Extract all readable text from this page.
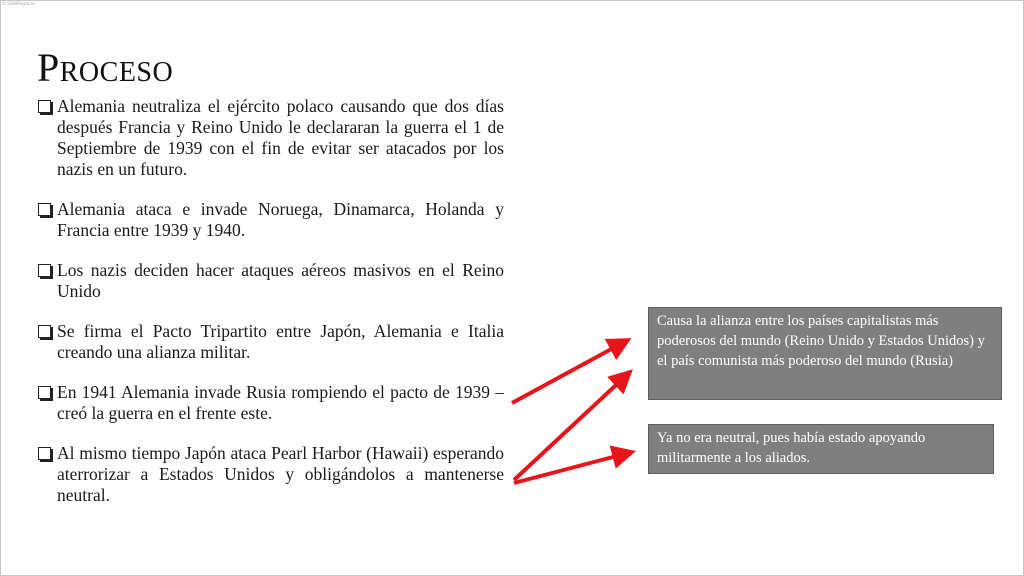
© SlidePlayer.es
Proceso
Alemania neutraliza el ejército polaco causando que dos días después Francia y Reino Unido le declararan la guerra el 1 de Septiembre de 1939 con el fin de evitar ser atacados por los nazis en un futuro.
Alemania ataca e invade Noruega, Dinamarca, Holanda y Francia entre 1939 y 1940.
Los nazis deciden hacer ataques aéreos masivos en el Reino Unido
Se firma el Pacto Tripartito entre Japón, Alemania e Italia creando una alianza militar.
En 1941 Alemania invade Rusia rompiendo el pacto de 1939 – creó la guerra en el frente este.
Al mismo tiempo Japón ataca Pearl Harbor (Hawaii) esperando aterrorizar a Estados Unidos y obligándolos a mantenerse neutral.
Causa la alianza entre los países capitalistas más poderosos del mundo (Reino Unido y Estados Unidos) y el país comunista más poderoso del mundo (Rusia)
Ya no era neutral, pues había estado apoyando militarmente a los aliados.
